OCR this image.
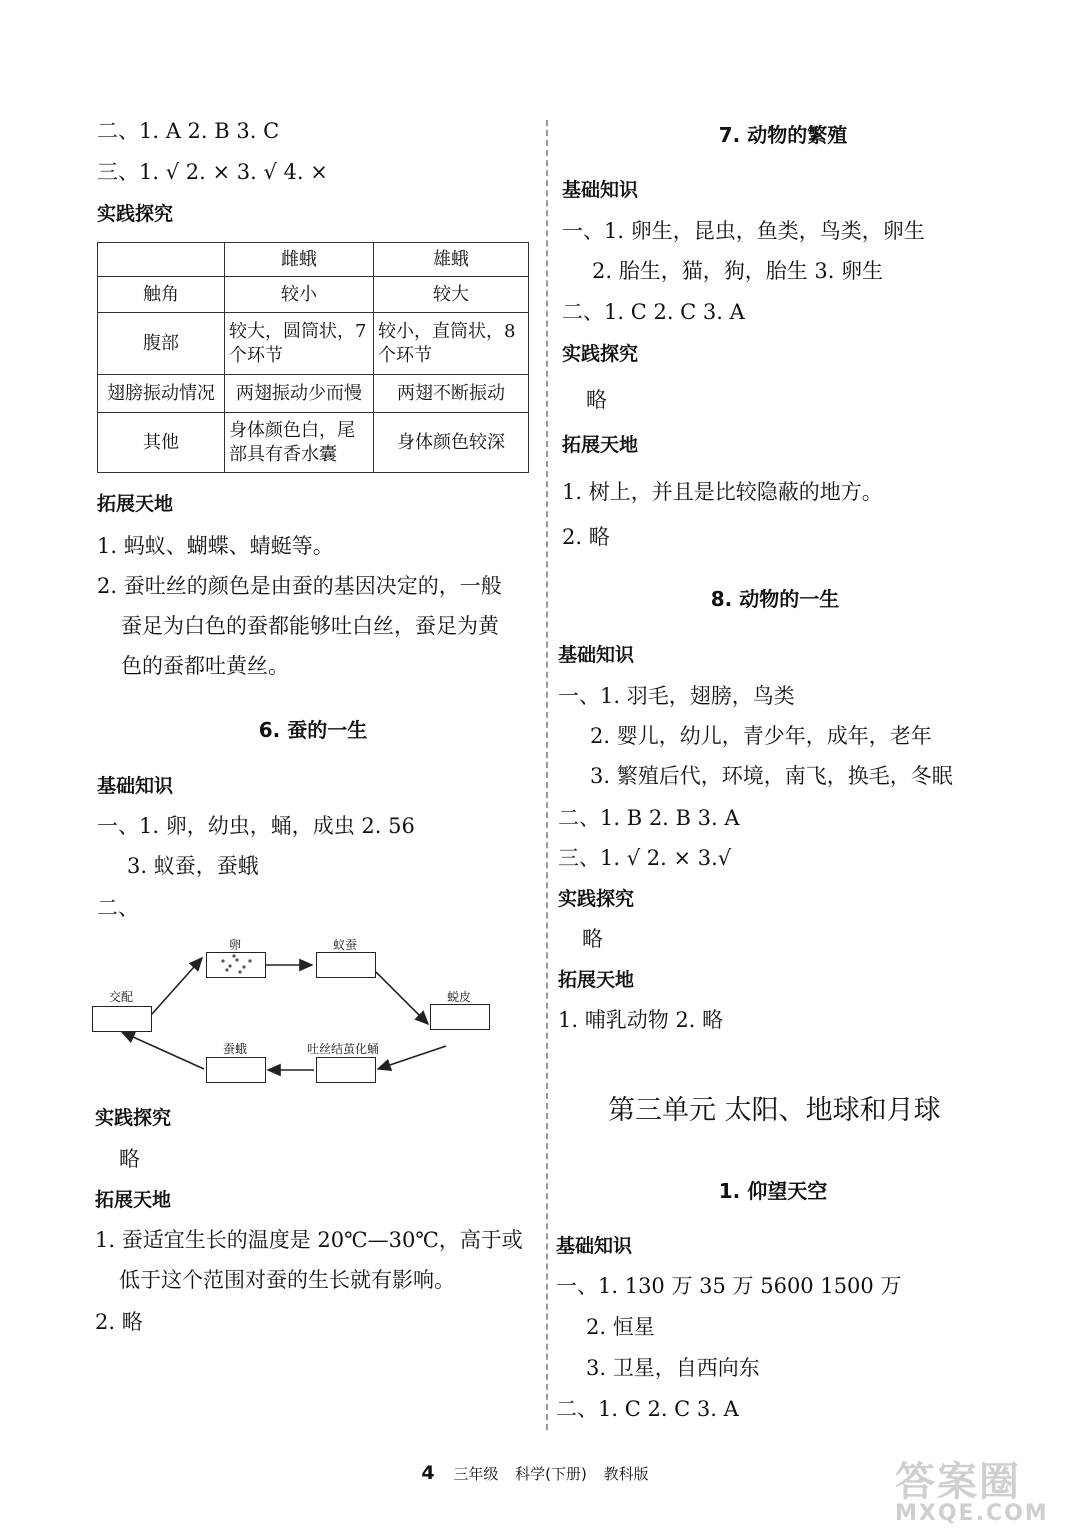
二、1. A 2. B 3. C
三、1. √ 2. × 3. √ 4. ×
实践探究
	雌蛾	雄蛾
触角	较小	较大
腹部	较大，圆筒状，7个环节	较小，直筒状，8个环节
翅膀振动情况	两翅振动少而慢	两翅不断振动
其他	身体颜色白，尾部具有香水囊	身体颜色较深
拓展天地
1. 蚂蚁、蝴蝶、蜻蜓等。
2. 蚕吐丝的颜色是由蚕的基因决定的，一般
蚕足为白色的蚕都能够吐白丝，蚕足为黄
色的蚕都吐黄丝。
6. 蚕的一生
基础知识
一、1. 卵，幼虫，蛹，成虫 2. 56
3. 蚁蚕，蚕蛾
二、
卵	蚁蚕
蜕皮
吐丝结茧化蛹
蚕蛾
交配
实践探究
略
拓展天地
1. 蚕适宜生长的温度是 20℃—30℃，高于或
低于这个范围对蚕的生长就有影响。
2. 略
7. 动物的繁殖
基础知识
一、1. 卵生，昆虫，鱼类，鸟类，卵生
2. 胎生，猫，狗，胎生 3. 卵生
二、1. C 2. C 3. A
实践探究
略
拓展天地
1. 树上，并且是比较隐蔽的地方。
2. 略
8. 动物的一生
基础知识
一、1. 羽毛，翅膀，鸟类
2. 婴儿，幼儿，青少年，成年，老年
3. 繁殖后代，环境，南飞，换毛，冬眠
二、1. B 2. B 3. A
三、1. √ 2. × 3.√
实践探究
略
拓展天地
1. 哺乳动物 2. 略
第三单元 太阳、地球和月球
1. 仰望天空
基础知识
一、1. 130 万 35 万 5600 1500 万
2. 恒星
3. 卫星，自西向东
二、1. C 2. C 3. A
4 三年级 科学(下册) 教科版	答案圈
MXQE.COM
